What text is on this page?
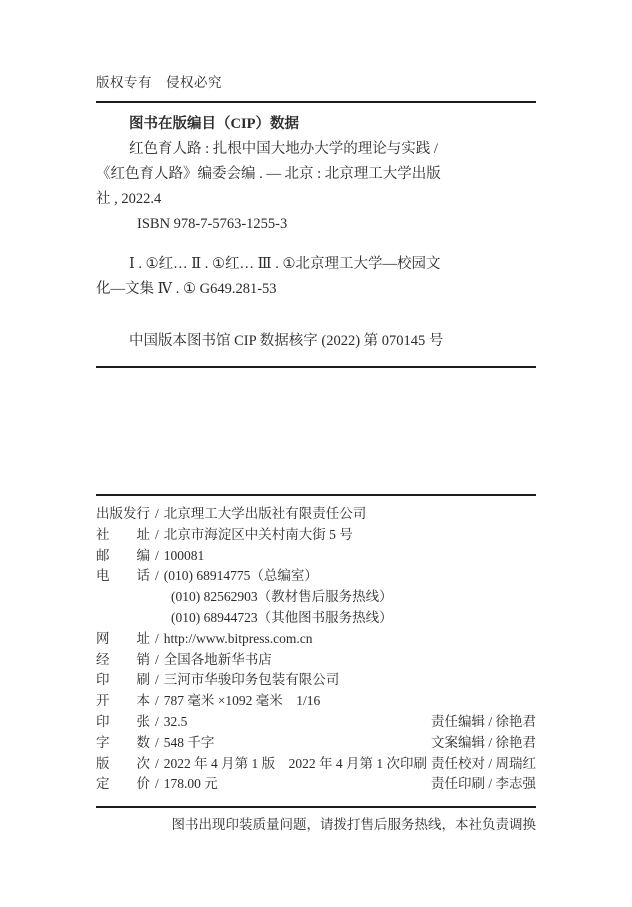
版权专有　侵权必究
图书在版编目（CIP）数据
红色育人路 : 扎根中国大地办大学的理论与实践 /
《红色育人路》编委会编 . — 北京 : 北京理工大学出版
社 , 2022.4
ISBN 978-7-5763-1255-3
Ⅰ . ①红… Ⅱ . ①红… Ⅲ . ①北京理工大学—校园文
化—文集 Ⅳ . ① G649.281-53
中国版本图书馆 CIP 数据核字 (2022) 第 070145 号
出版发行 / 北京理工大学出版社有限责任公司
社址 / 北京市海淀区中关村南大街 5 号
邮编 / 100081
电话 / (010) 68914775（总编室）
(010) 82562903（教材售后服务热线）
(010) 68944723（其他图书服务热线）
网址 / http://www.bitpress.com.cn
经销 / 全国各地新华书店
印刷 / 三河市华骏印务包装有限公司
开本 / 787 毫米 ×1092 毫米　1/16
印张 / 32.5	责任编辑 / 徐艳君
字数 / 548 千字	文案编辑 / 徐艳君
版次 / 2022 年 4 月第 1 版　2022 年 4 月第 1 次印刷 责任校对 / 周瑞红
定价 / 178.00 元	责任印刷 / 李志强
图书出现印装质量问题，请拨打售后服务热线，本社负责调换
